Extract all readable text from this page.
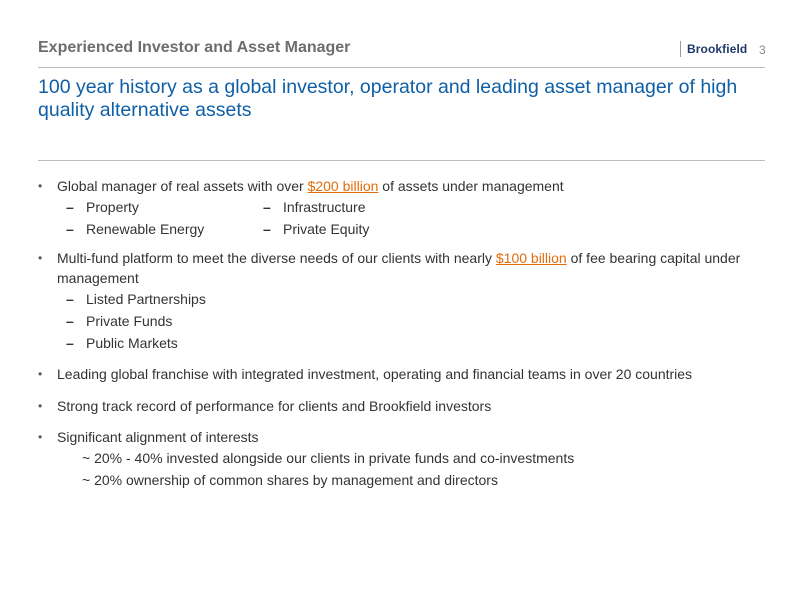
Experienced Investor and Asset Manager	Brookfield 3
100 year history as a global investor, operator and leading asset manager of high quality alternative assets
• Global manager of real assets with over $200 billion of assets under management
– Property	– Infrastructure
– Renewable Energy	– Private Equity
• Multi-fund platform to meet the diverse needs of our clients with nearly $100 billion of fee bearing capital under management
– Listed Partnerships
– Private Funds
– Public Markets
• Leading global franchise with integrated investment, operating and financial teams in over 20 countries
• Strong track record of performance for clients and Brookfield investors
• Significant alignment of interests
~ 20% - 40% invested alongside our clients in private funds and co-investments
~ 20% ownership of common shares by management and directors
